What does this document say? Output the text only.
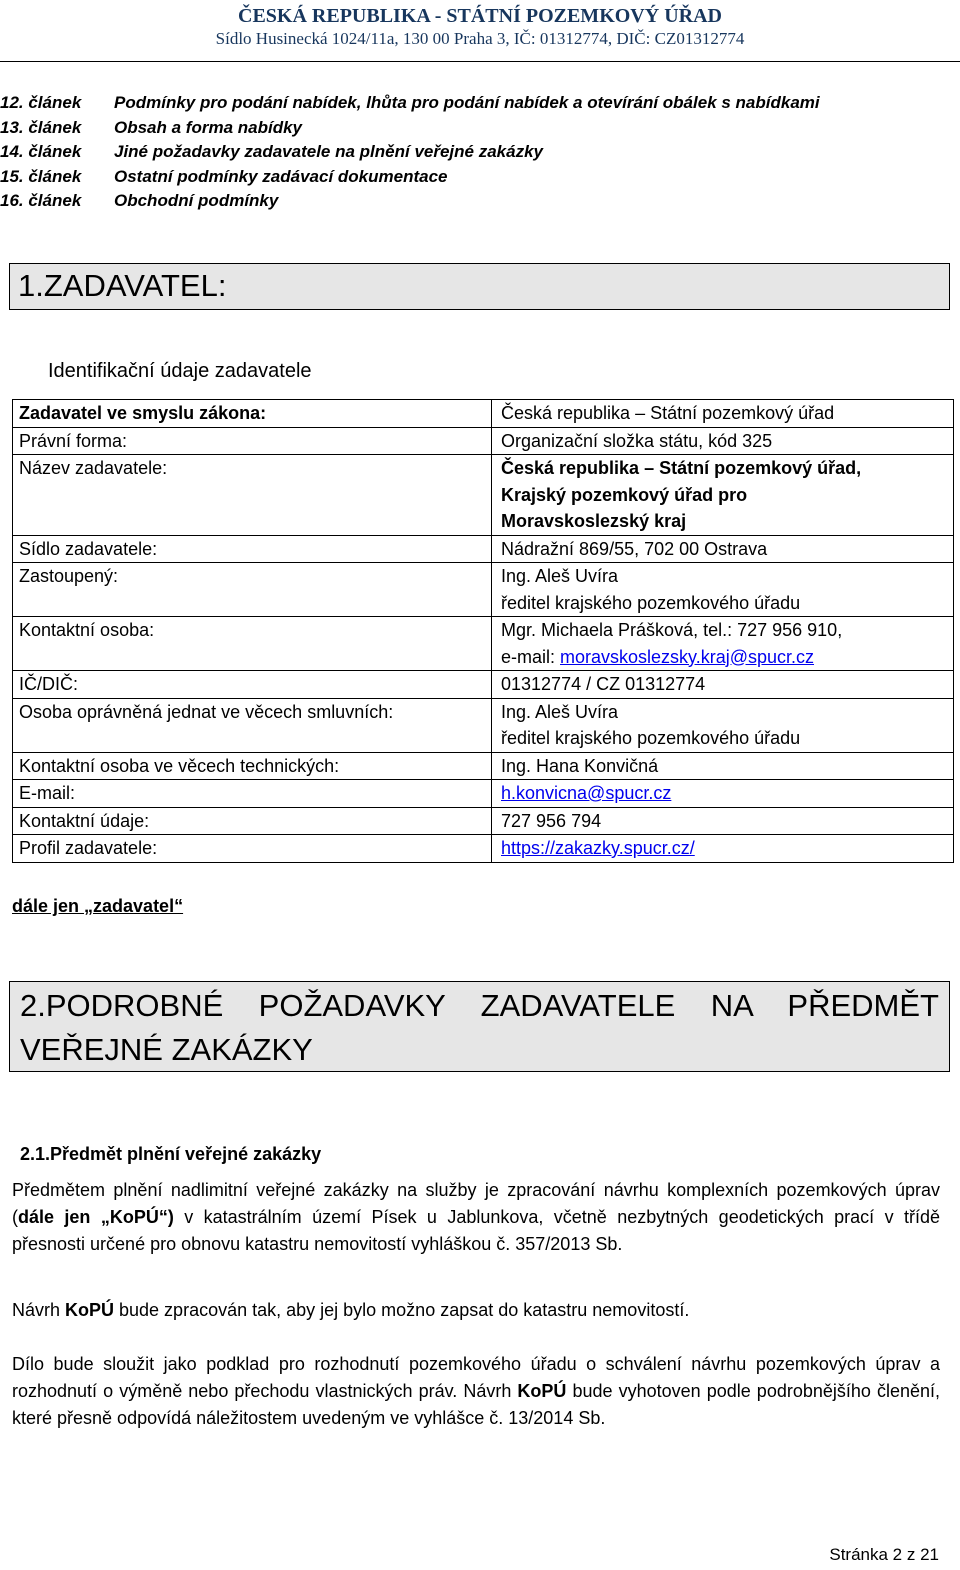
ČESKÁ REPUBLIKA - STÁTNÍ POZEMKOVÝ ÚŘAD
Sídlo Husinecká 1024/11a, 130 00 Praha 3, IČ: 01312774, DIČ: CZ01312774
12. článek Podmínky pro podání nabídek, lhůta pro podání nabídek a otevírání obálek s nabídkami
13. článek Obsah a forma nabídky
14. článek Jiné požadavky zadavatele na plnění veřejné zakázky
15. článek Ostatní podmínky zadávací dokumentace
16. článek Obchodní podmínky
1.ZADAVATEL:
Identifikační údaje zadavatele
Zadavatel ve smyslu zákona:	Česká republika – Státní pozemkový úřad
Právní forma:	Organizační složka státu, kód 325
Název zadavatele:	Česká republika – Státní pozemkový úřad,
Krajský pozemkový úřad pro
Moravskoslezský kraj

Sídlo zadavatele:	Nádražní 869/55, 702 00 Ostrava
Zastoupený:	Ing. Aleš Uvíra
ředitel krajského pozemkového úřadu

Kontaktní osoba:	Mgr. Michaela Prášková, tel.: 727 956 910,
e-mail: moravskoslezsky.kraj@spucr.cz

IČ/DIČ:	01312774 / CZ 01312774
Osoba oprávněná jednat ve věcech smluvních:	Ing. Aleš Uvíra
ředitel krajského pozemkového úřadu

Kontaktní osoba ve věcech technických:	Ing. Hana Konvičná
E-mail:	h.konvicna@spucr.cz
Kontaktní údaje:	727 956 794
Profil zadavatele:	https://zakazky.spucr.cz/
dále jen „zadavatel“
2.PODROBNÉ POŽADAVKY ZADAVATELE NA PŘEDMĚT VEŘEJNÉ ZAKÁZKY
2.1.Předmět plnění veřejné zakázky
Předmětem plnění nadlimitní veřejné zakázky na služby je zpracování návrhu komplexních pozemkových úprav (dále jen „KoPÚ“) v katastrálním území Písek u Jablunkova, včetně nezbytných geodetických prací v třídě přesnosti určené pro obnovu katastru nemovitostí vyhláškou č. 357/2013 Sb.
Návrh KoPÚ bude zpracován tak, aby jej bylo možno zapsat do katastru nemovitostí.
Dílo bude sloužit jako podklad pro rozhodnutí pozemkového úřadu o schválení návrhu pozemkových úprav a rozhodnutí o výměně nebo přechodu vlastnických práv. Návrh KoPÚ bude vyhotoven podle podrobnějšího členění, které přesně odpovídá náležitostem uvedeným ve vyhlášce č. 13/2014 Sb.
Stránka 2 z 21
